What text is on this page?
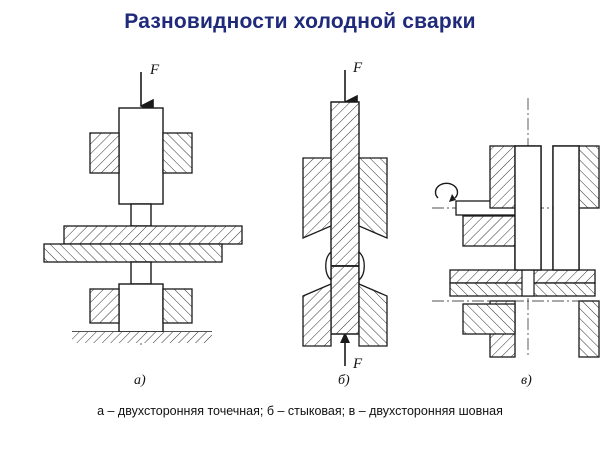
Разновидности холодной сварки
F
а)
F
F
б)	в)
а – двухсторонняя точечная; б – стыковая; в – двухсторонняя шовная
